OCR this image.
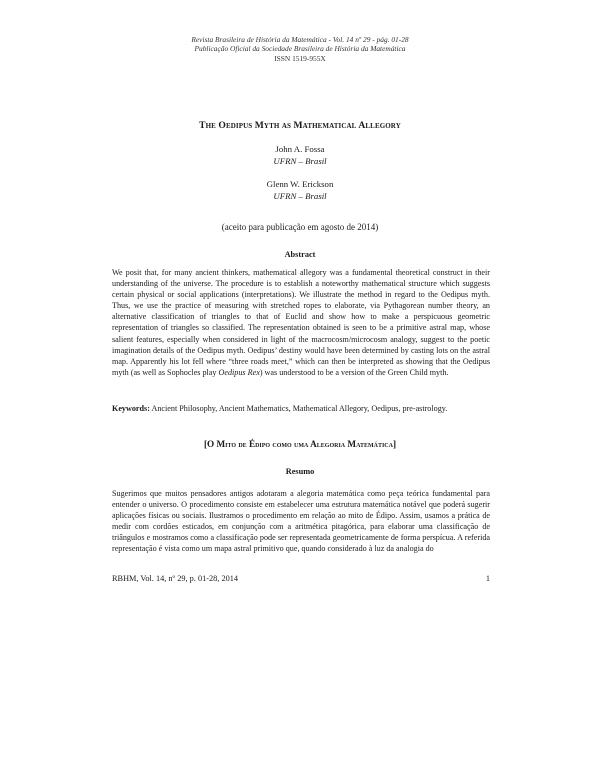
Revista Brasileira de História da Matemática - Vol. 14 nº 29 - pág. 01-28
Publicação Oficial da Sociedade Brasileira de História da Matemática
ISSN 1519-955X
The Oedipus Myth as Mathematical Allegory
John A. Fossa
UFRN – Brasil
Glenn W. Erickson
UFRN – Brasil
(aceito para publicação em agosto de 2014)
Abstract
We posit that, for many ancient thinkers, mathematical allegory was a fundamental theoretical construct in their understanding of the universe. The procedure is to establish a noteworthy mathematical structure which suggests certain physical or social applications (interpretations). We illustrate the method in regard to the Oedipus myth. Thus, we use the practice of measuring with stretched ropes to elaborate, via Pythagorean number theory, an alternative classification of triangles to that of Euclid and show how to make a perspicuous geometric representation of triangles so classified. The representation obtained is seen to be a primitive astral map, whose salient features, especially when considered in light of the macrocosm/microcosm analogy, suggest to the poetic imagination details of the Oedipus myth. Oedipus’ destiny would have been determined by casting lots on the astral map. Apparently his lot fell where “three roads meet,” which can then be interpreted as showing that the Oedipus myth (as well as Sophocles play Oedipus Rex) was understood to be a version of the Green Child myth.
Keywords: Ancient Philosophy, Ancient Mathematics, Mathematical Allegory, Oedipus, pre-astrology.
[O Mito de Édipo como uma Alegoria Matemática]
Resumo
Sugerimos que muitos pensadores antigos adotaram a alegoria matemática como peça teórica fundamental para entender o universo. O procedimento consiste em estabelecer uma estrutura matemática notável que poderá sugerir aplicações físicas ou sociais. Ilustramos o procedimento em relação ao mito de Édipo. Assim, usamos a prática de medir com cordões esticados, em conjunção com a aritmética pitagórica, para elaborar uma classificação de triângulos e mostramos como a classificação pode ser representada geometricamente de forma perspícua. A referida representação é vista como um mapa astral primitivo que, quando considerado à luz da analogia do
RBHM, Vol. 14, nº 29, p. 01-28, 2014	1
